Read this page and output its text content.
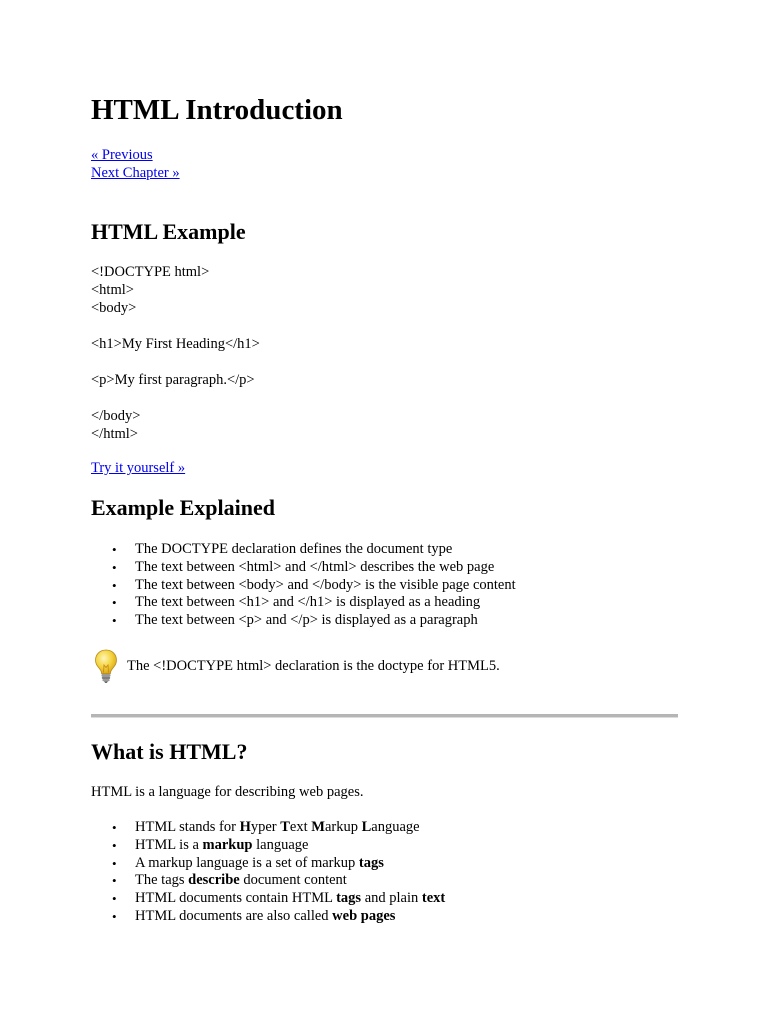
HTML Introduction
« Previous
Next Chapter »
HTML Example
<!DOCTYPE html>
<html>
<body>
<h1>My First Heading</h1>
<p>My first paragraph.</p>
</body>
</html>
Try it yourself »
Example Explained
• The DOCTYPE declaration defines the document type
• The text between <html> and </html> describes the web page
• The text between <body> and </body> is the visible page content
• The text between <h1> and </h1> is displayed as a heading
• The text between <p> and </p> is displayed as a paragraph
The <!DOCTYPE html> declaration is the doctype for HTML5.
What is HTML?
HTML is a language for describing web pages.
• HTML stands for Hyper Text Markup Language
• HTML is a markup language
• A markup language is a set of markup tags
• The tags describe document content
• HTML documents contain HTML tags and plain text
• HTML documents are also called web pages
